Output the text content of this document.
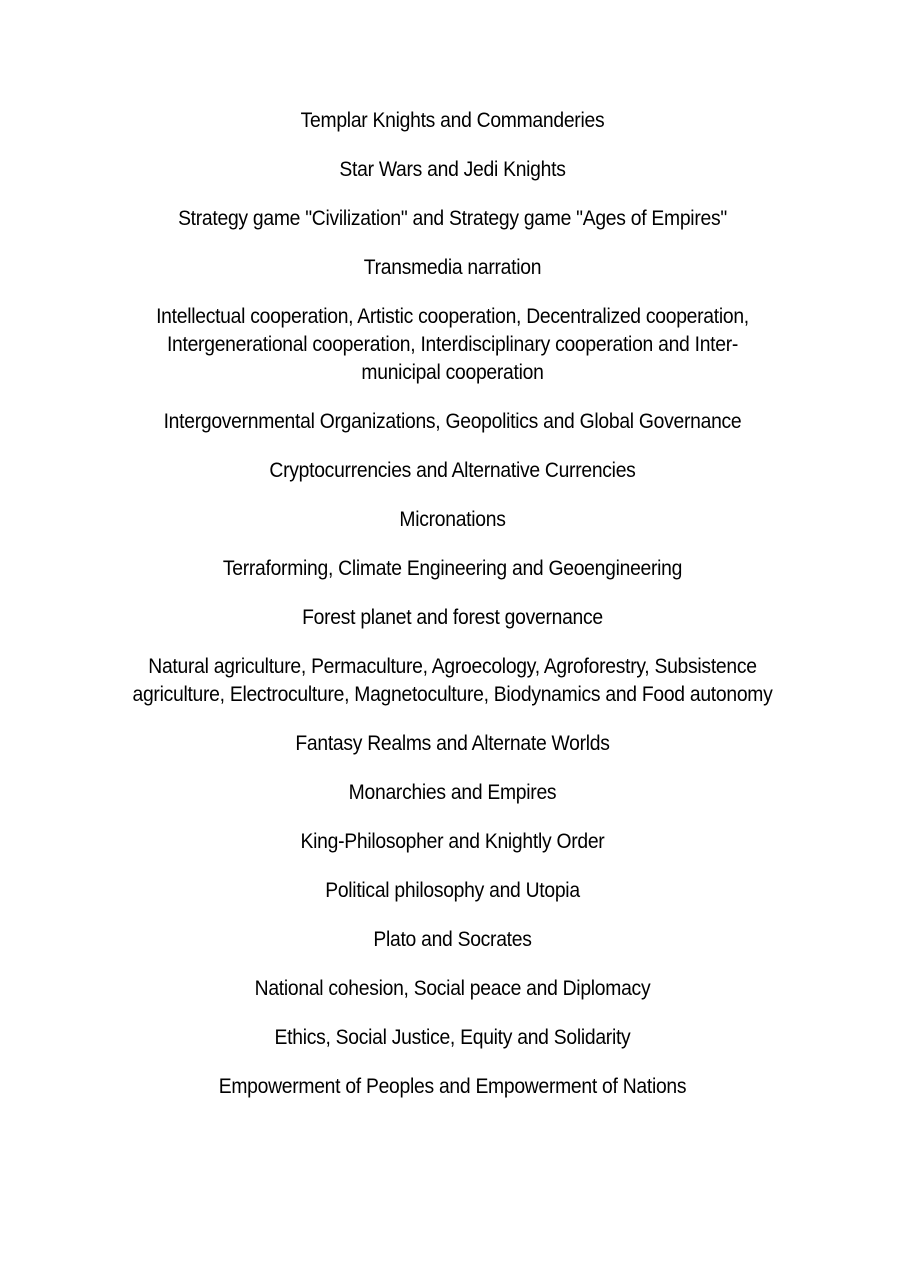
Templar Knights and Commanderies
Star Wars and Jedi Knights
Strategy game "Civilization" and Strategy game "Ages of Empires"
Transmedia narration
Intellectual cooperation, Artistic cooperation, Decentralized cooperation,
Intergenerational cooperation, Interdisciplinary cooperation and Inter-
municipal cooperation
Intergovernmental Organizations, Geopolitics and Global Governance
Cryptocurrencies and Alternative Currencies
Micronations
Terraforming, Climate Engineering and Geoengineering
Forest planet and forest governance
Natural agriculture, Permaculture, Agroecology, Agroforestry, Subsistence
agriculture, Electroculture, Magnetoculture, Biodynamics and Food autonomy
Fantasy Realms and Alternate Worlds
Monarchies and Empires
King-Philosopher and Knightly Order
Political philosophy and Utopia
Plato and Socrates
National cohesion, Social peace and Diplomacy
Ethics, Social Justice, Equity and Solidarity
Empowerment of Peoples and Empowerment of Nations
